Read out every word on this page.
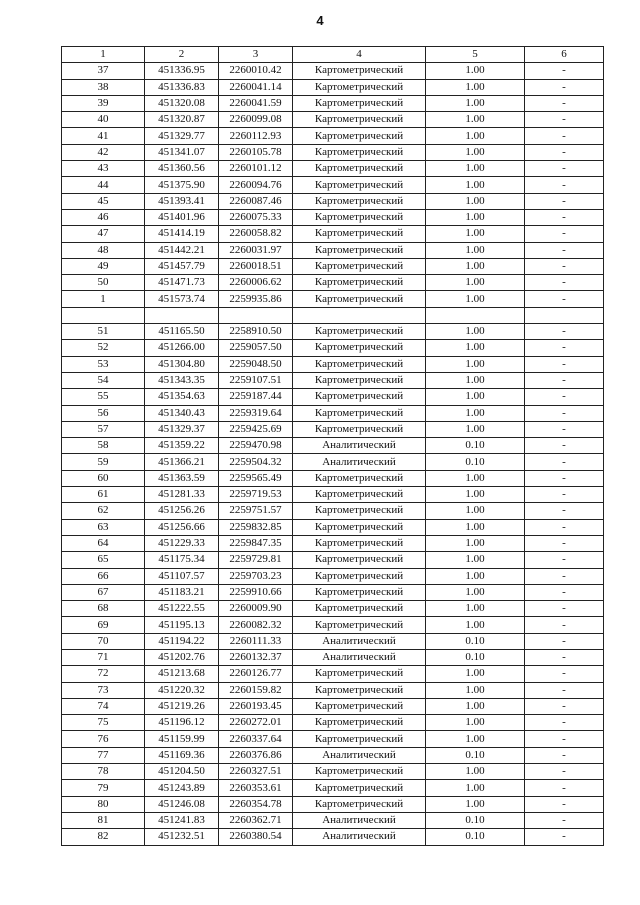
4
1	2	3	4	5	6
37	451336.95	2260010.42	Картометрический	1.00	-
38	451336.83	2260041.14	Картометрический	1.00	-
39	451320.08	2260041.59	Картометрический	1.00	-
40	451320.87	2260099.08	Картометрический	1.00	-
41	451329.77	2260112.93	Картометрический	1.00	-
42	451341.07	2260105.78	Картометрический	1.00	-
43	451360.56	2260101.12	Картометрический	1.00	-
44	451375.90	2260094.76	Картометрический	1.00	-
45	451393.41	2260087.46	Картометрический	1.00	-
46	451401.96	2260075.33	Картометрический	1.00	-
47	451414.19	2260058.82	Картометрический	1.00	-
48	451442.21	2260031.97	Картометрический	1.00	-
49	451457.79	2260018.51	Картометрический	1.00	-
50	451471.73	2260006.62	Картометрический	1.00	-
1	451573.74	2259935.86	Картометрический	1.00	-

51	451165.50	2258910.50	Картометрический	1.00	-
52	451266.00	2259057.50	Картометрический	1.00	-
53	451304.80	2259048.50	Картометрический	1.00	-
54	451343.35	2259107.51	Картометрический	1.00	-
55	451354.63	2259187.44	Картометрический	1.00	-
56	451340.43	2259319.64	Картометрический	1.00	-
57	451329.37	2259425.69	Картометрический	1.00	-
58	451359.22	2259470.98	Аналитический	0.10	-
59	451366.21	2259504.32	Аналитический	0.10	-
60	451363.59	2259565.49	Картометрический	1.00	-
61	451281.33	2259719.53	Картометрический	1.00	-
62	451256.26	2259751.57	Картометрический	1.00	-
63	451256.66	2259832.85	Картометрический	1.00	-
64	451229.33	2259847.35	Картометрический	1.00	-
65	451175.34	2259729.81	Картометрический	1.00	-
66	451107.57	2259703.23	Картометрический	1.00	-
67	451183.21	2259910.66	Картометрический	1.00	-
68	451222.55	2260009.90	Картометрический	1.00	-
69	451195.13	2260082.32	Картометрический	1.00	-
70	451194.22	2260111.33	Аналитический	0.10	-
71	451202.76	2260132.37	Аналитический	0.10	-
72	451213.68	2260126.77	Картометрический	1.00	-
73	451220.32	2260159.82	Картометрический	1.00	-
74	451219.26	2260193.45	Картометрический	1.00	-
75	451196.12	2260272.01	Картометрический	1.00	-
76	451159.99	2260337.64	Картометрический	1.00	-
77	451169.36	2260376.86	Аналитический	0.10	-
78	451204.50	2260327.51	Картометрический	1.00	-
79	451243.89	2260353.61	Картометрический	1.00	-
80	451246.08	2260354.78	Картометрический	1.00	-
81	451241.83	2260362.71	Аналитический	0.10	-
82	451232.51	2260380.54	Аналитический	0.10	-
